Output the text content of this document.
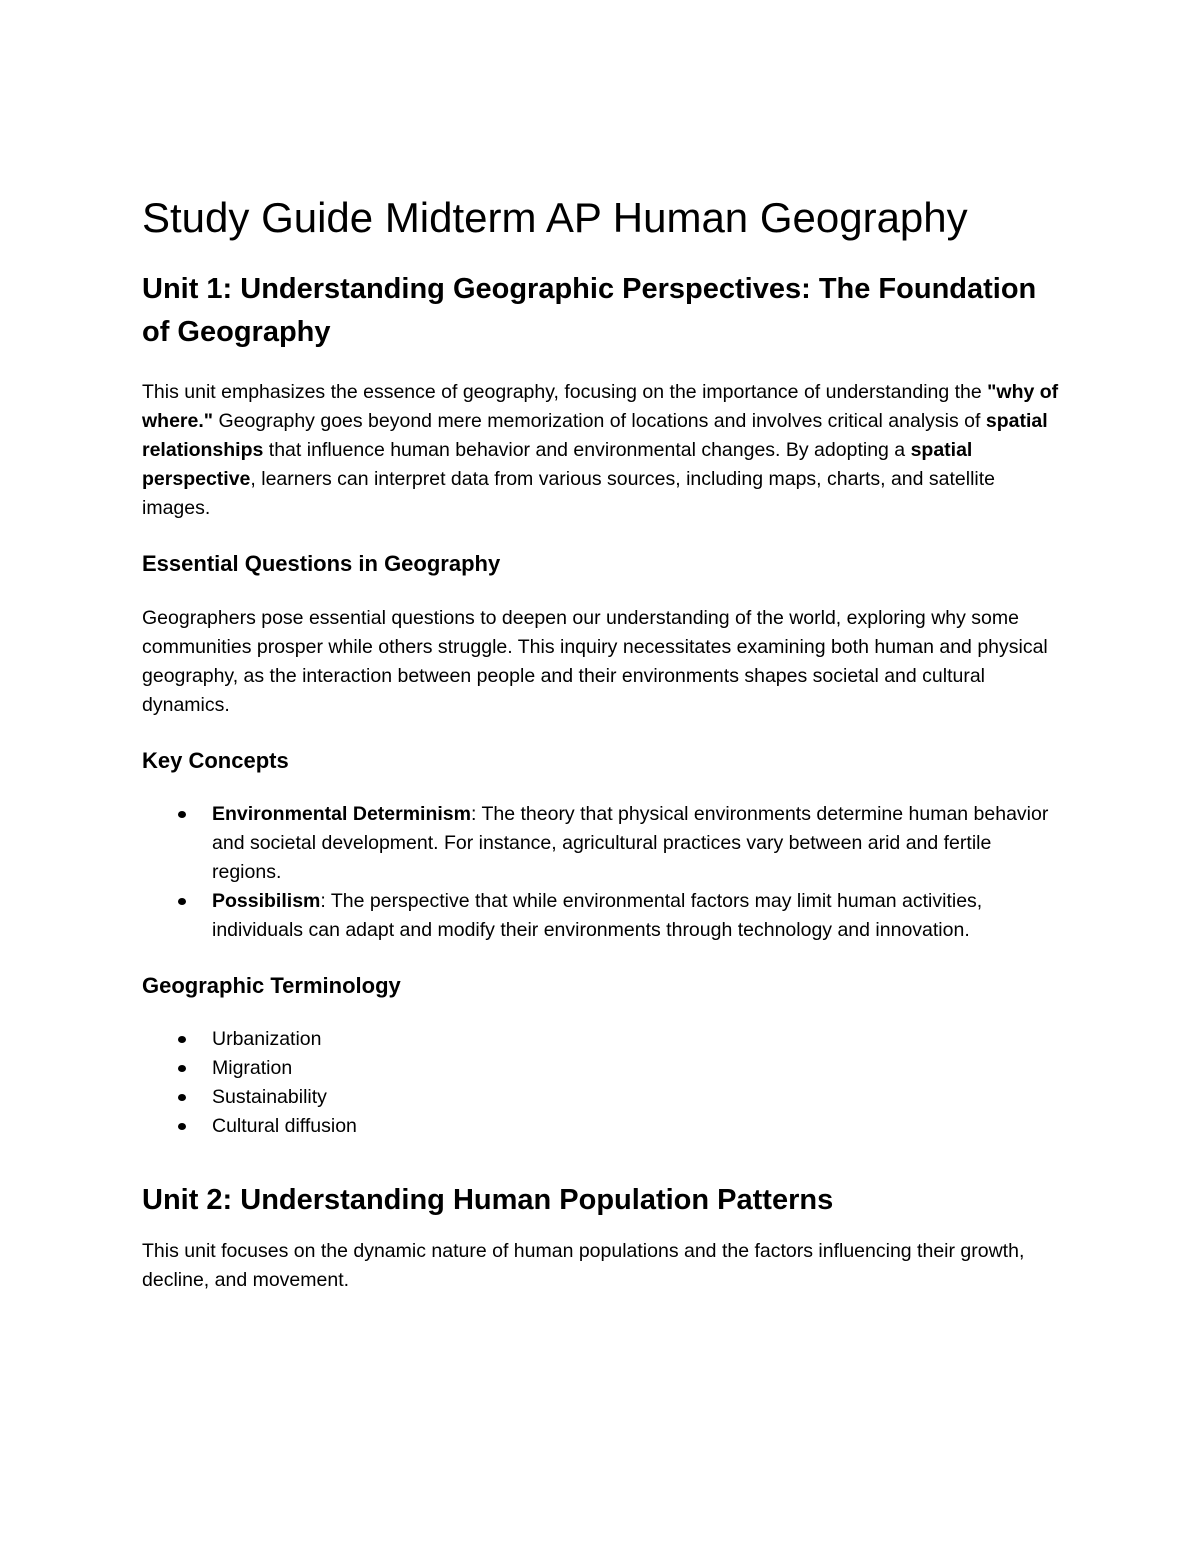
Study Guide Midterm AP Human Geography
Unit 1: Understanding Geographic Perspectives: The Foundation of Geography

This unit emphasizes the essence of geography, focusing on the importance of understanding the "why of where." Geography goes beyond mere memorization of locations and involves critical analysis of spatial relationships that influence human behavior and environmental changes. By adopting a spatial perspective, learners can interpret data from various sources, including maps, charts, and satellite images.

Essential Questions in Geography

Geographers pose essential questions to deepen our understanding of the world, exploring why some communities prosper while others struggle. This inquiry necessitates examining both human and physical geography, as the interaction between people and their environments shapes societal and cultural dynamics.

Key Concepts
Environmental Determinism: The theory that physical environments determine human behavior and societal development. For instance, agricultural practices vary between arid and fertile regions.
Possibilism: The perspective that while environmental factors may limit human activities, individuals can adapt and modify their environments through technology and innovation.
Geographic Terminology
Urbanization
Migration
Sustainability
Cultural diffusion
Unit 2: Understanding Human Population Patterns

This unit focuses on the dynamic nature of human populations and the factors influencing their growth, decline, and movement.
